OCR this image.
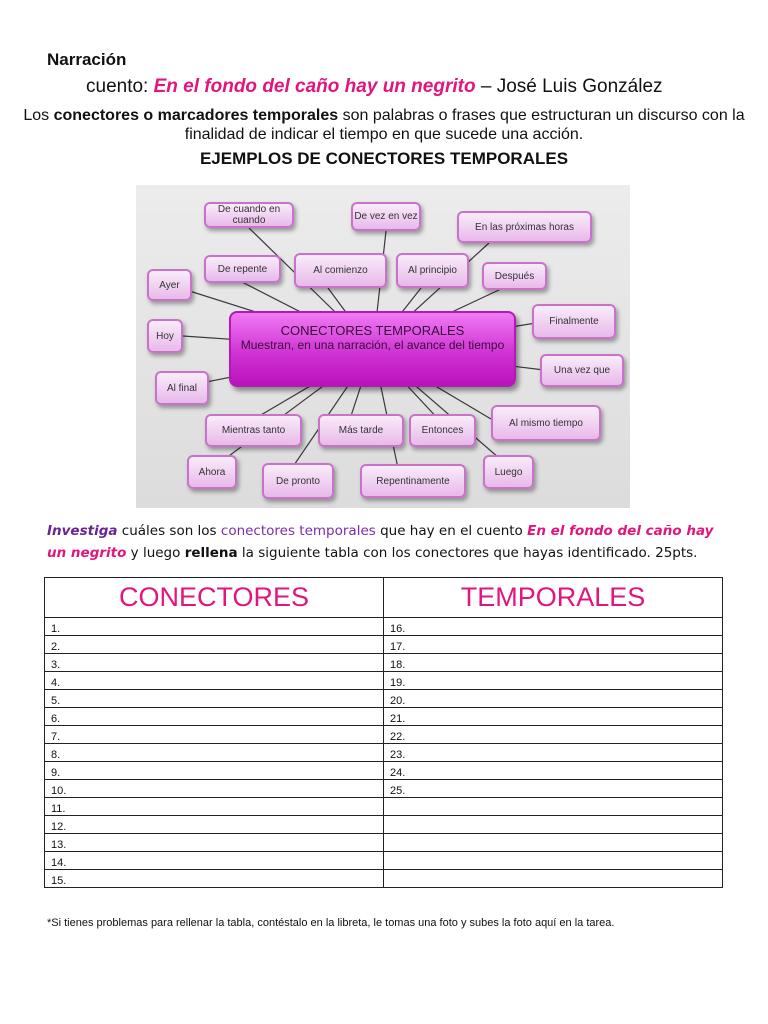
Narración
cuento: En el fondo del caño hay un negrito – José Luis González
Los conectores o marcadores temporales son palabras o frases que estructuran un discurso con la finalidad de indicar el tiempo en que sucede una acción.
EJEMPLOS DE CONECTORES TEMPORALES
CONECTORES TEMPORALES
Muestran, en una narración, el avance del tiempo
De cuando en cuando	De vez en vez
En las próximas horas
De repente	Al comienzo	Al principio	Después
Ayer
Hoy
Finalmente
Una vez que
Al final
Al mismo tiempo
Mientras tanto	Más tarde	Entonces
Ahora
De pronto	Repentinamente
Luego
Investiga cuáles son los conectores temporales que hay en el cuento En el fondo del caño hay un negrito y luego rellena la siguiente tabla con los conectores que hayas identificado. 25pts.
CONECTORES	TEMPORALES
1.	16.
2.	17.
3.	18.
4.	19.
5.	20.
6.	21.
7.	22.
8.	23.
9.	24.
10.	25.
11.	
12.	
13.	
14.	
15.	
*Si tienes problemas para rellenar la tabla, contéstalo en la libreta, le tomas una foto y subes la foto aquí en la tarea.
